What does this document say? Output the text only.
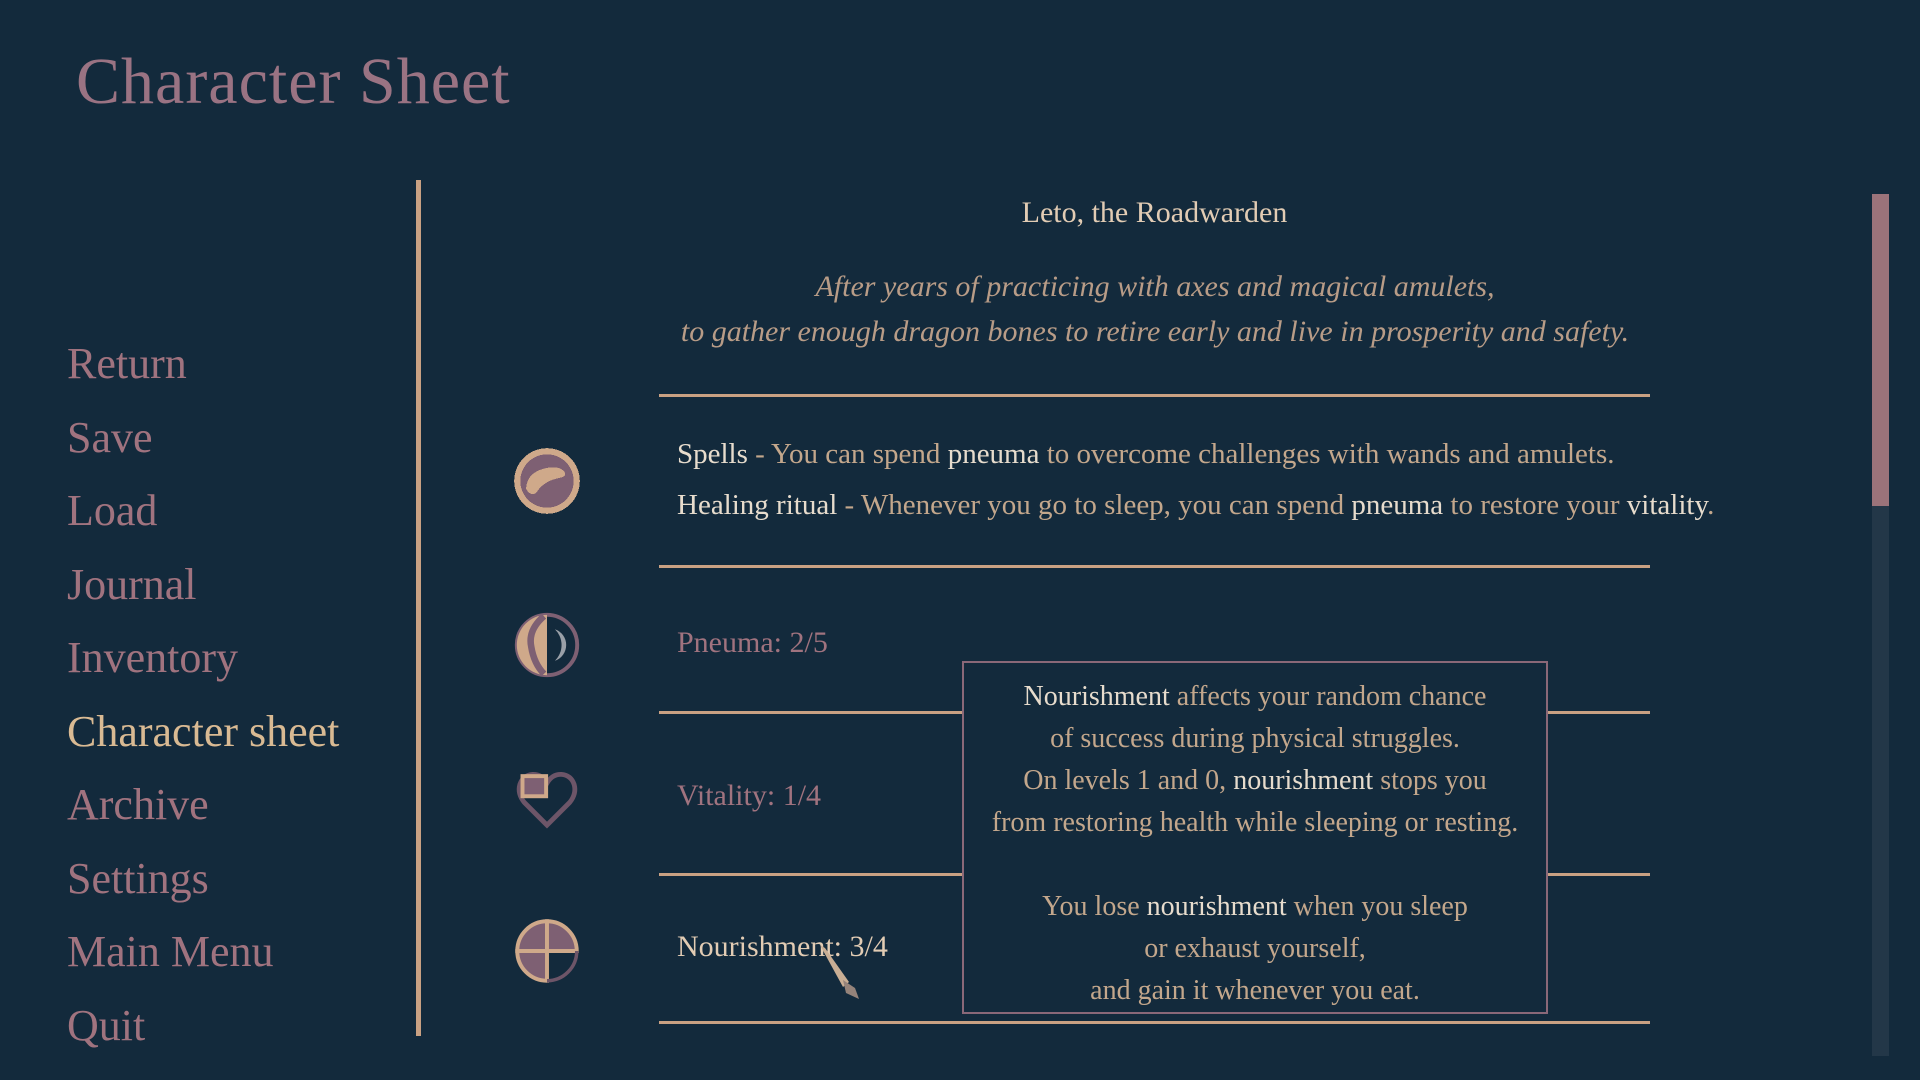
Character Sheet
Return
Save
Load
Journal
Inventory
Character sheet
Archive
Settings
Main Menu
Quit
Leto, the Roadwarden
After years of practicing with axes and magical amulets,
to gather enough dragon bones to retire early and live in prosperity and safety.
Spells - You can spend pneuma to overcome challenges with wands and amulets.
Healing ritual - Whenever you go to sleep, you can spend pneuma to restore your vitality.
Pneuma: 2/5
Vitality: 1/4
Nourishment: 3/4
Nourishment affects your random chance
of success during physical struggles.
On levels 1 and 0, nourishment stops you
from restoring health while sleeping or resting.
You lose nourishment when you sleep
or exhaust yourself,
and gain it whenever you eat.
